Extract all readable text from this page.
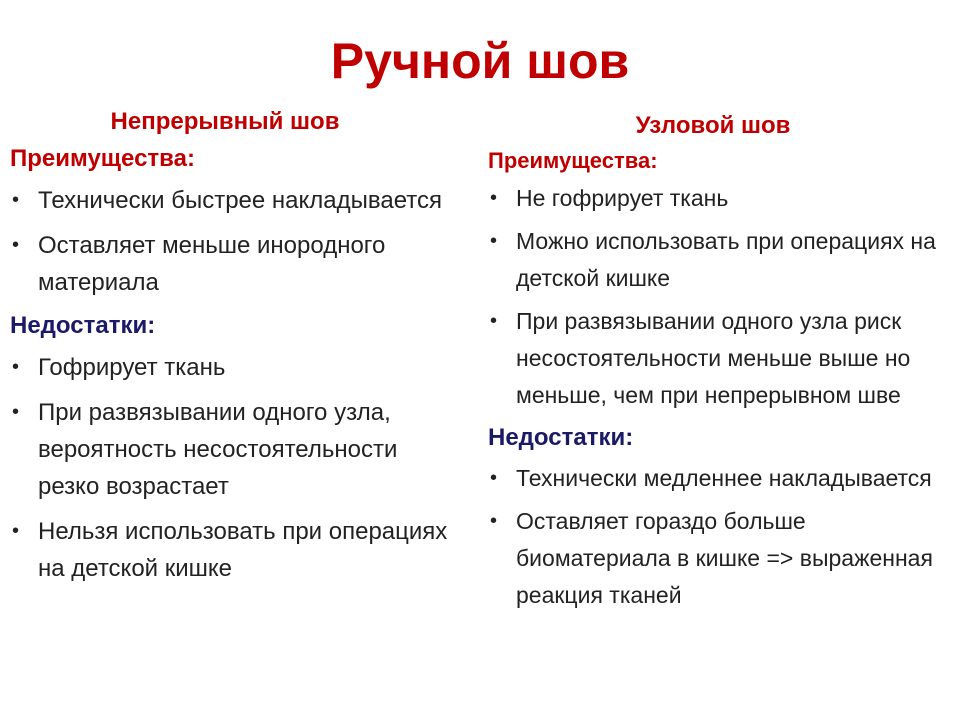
Ручной шов

Непрерывный шов

Преимущества:

• Технически быстрее накладывается
• Оставляет меньше инородного материала

Недостатки:

• Гофрирует ткань
• При развязывании одного узла, вероятность несостоятельности резко возрастает
• Нельзя использовать при операциях на детской кишке

Узловой шов

Преимущества:

• Не гофрирует ткань
• Можно использовать при операциях на детской кишке
• При развязывании одного узла риск несостоятельности меньше выше но меньше, чем при непрерывном шве

Недостатки:

• Технически медленнее накладывается
• Оставляет гораздо больше биоматериала в кишке => выраженная реакция тканей
